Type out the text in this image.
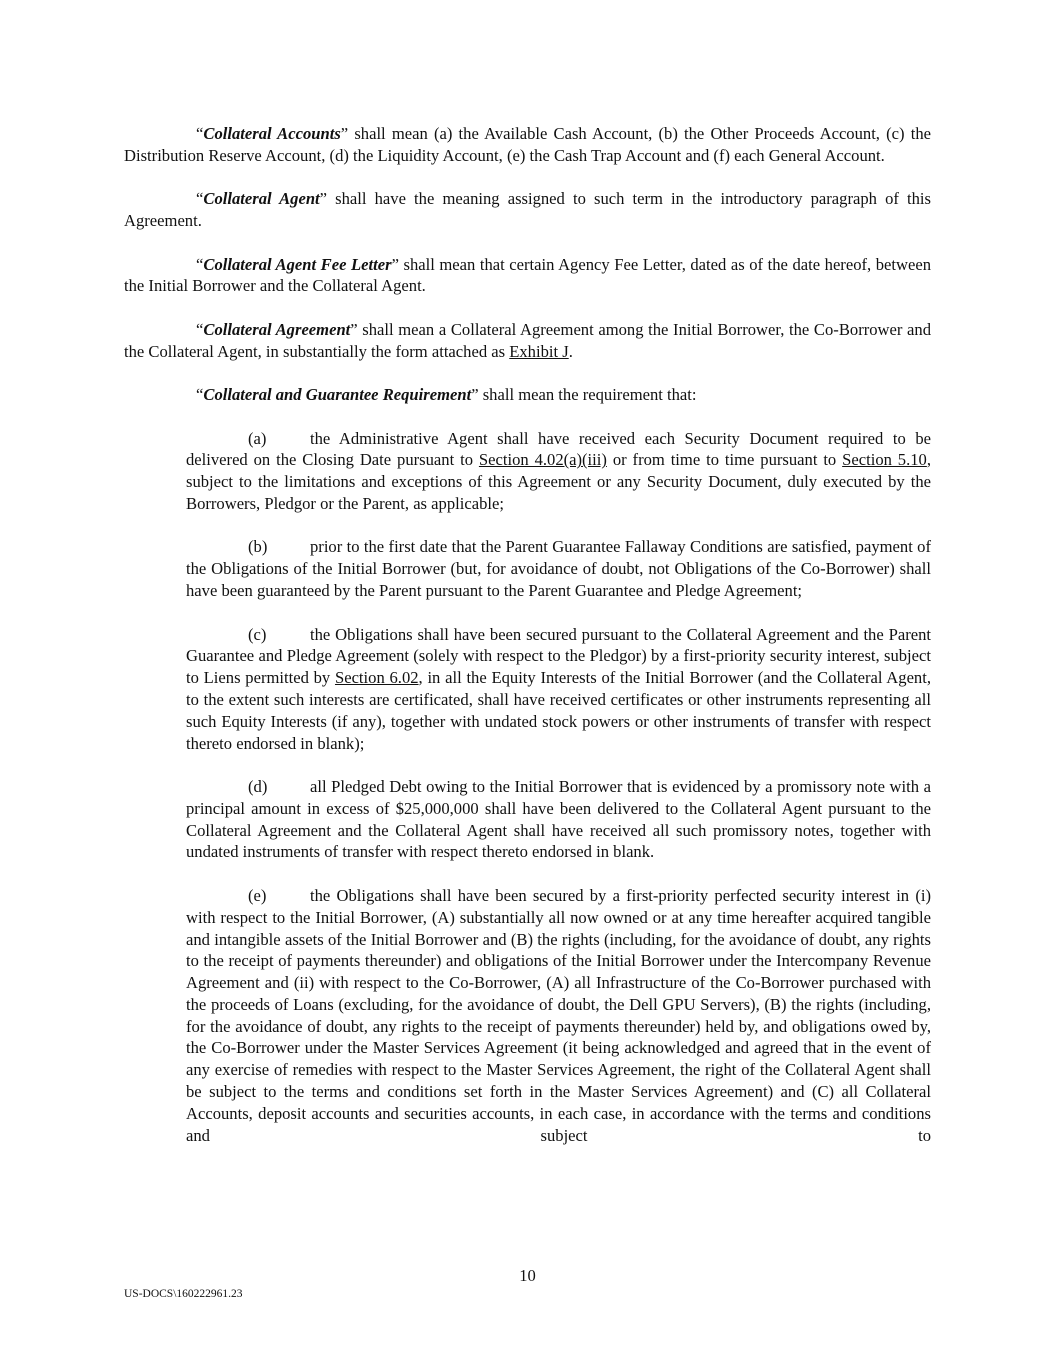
“Collateral Accounts” shall mean (a) the Available Cash Account, (b) the Other Proceeds Account, (c) the Distribution Reserve Account, (d) the Liquidity Account, (e) the Cash Trap Account and (f) each General Account.

“Collateral Agent” shall have the meaning assigned to such term in the introductory paragraph of this Agreement.

“Collateral Agent Fee Letter” shall mean that certain Agency Fee Letter, dated as of the date hereof, between the Initial Borrower and the Collateral Agent.

“Collateral Agreement” shall mean a Collateral Agreement among the Initial Borrower, the Co-Borrower and the Collateral Agent, in substantially the form attached as Exhibit J.

“Collateral and Guarantee Requirement” shall mean the requirement that:

(a)	the Administrative Agent shall have received each Security Document required to be delivered on the Closing Date pursuant to Section 4.02(a)(iii) or from time to time pursuant to Section 5.10, subject to the limitations and exceptions of this Agreement or any Security Document, duly executed by the Borrowers, Pledgor or the Parent, as applicable;

(b)	prior to the first date that the Parent Guarantee Fallaway Conditions are satisfied, payment of the Obligations of the Initial Borrower (but, for avoidance of doubt, not Obligations of the Co-Borrower) shall have been guaranteed by the Parent pursuant to the Parent Guarantee and Pledge Agreement;

(c)	the Obligations shall have been secured pursuant to the Collateral Agreement and the Parent Guarantee and Pledge Agreement (solely with respect to the Pledgor) by a first-priority security interest, subject to Liens permitted by Section 6.02, in all the Equity Interests of the Initial Borrower (and the Collateral Agent, to the extent such interests are certificated, shall have received certificates or other instruments representing all such Equity Interests (if any), together with undated stock powers or other instruments of transfer with respect thereto endorsed in blank);

(d)	all Pledged Debt owing to the Initial Borrower that is evidenced by a promissory note with a principal amount in excess of $25,000,000 shall have been delivered to the Collateral Agent pursuant to the Collateral Agreement and the Collateral Agent shall have received all such promissory notes, together with undated instruments of transfer with respect thereto endorsed in blank.

(e)	the Obligations shall have been secured by a first-priority perfected security interest in (i) with respect to the Initial Borrower, (A) substantially all now owned or at any time hereafter acquired tangible and intangible assets of the Initial Borrower and (B) the rights (including, for the avoidance of doubt, any rights to the receipt of payments thereunder) and obligations of the Initial Borrower under the Intercompany Revenue Agreement and (ii) with respect to the Co-Borrower, (A) all Infrastructure of the Co-Borrower purchased with the proceeds of Loans (excluding, for the avoidance of doubt, the Dell GPU Servers), (B) the rights (including, for the avoidance of doubt, any rights to the receipt of payments thereunder) held by, and obligations owed by, the Co-Borrower under the Master Services Agreement (it being acknowledged and agreed that in the event of any exercise of remedies with respect to the Master Services Agreement, the right of the Collateral Agent shall be subject to the terms and conditions set forth in the Master Services Agreement) and (C) all Collateral Accounts, deposit accounts and securities accounts, in each case, in accordance with the terms and conditions and subject to

10
US-DOCS\160222961.23
